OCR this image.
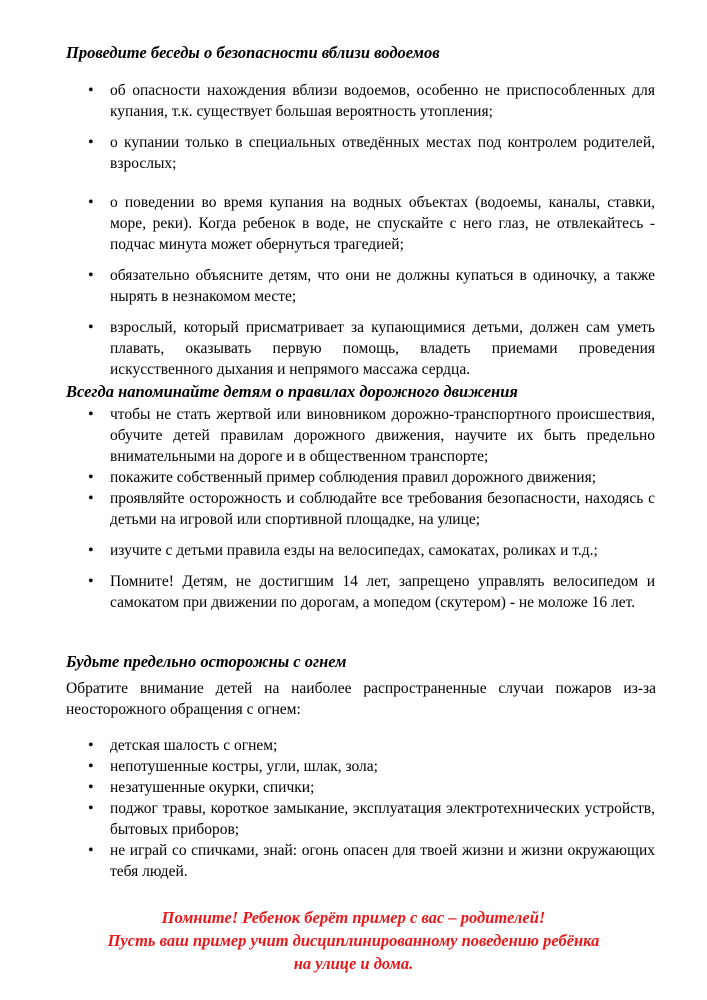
Проведите беседы о безопасности вблизи водоемов
• об опасности нахождения вблизи водоемов, особенно не приспособленных для купания, т.к. существует большая вероятность утопления;
• о купании только в специальных отведённых местах под контролем родителей, взрослых;
• о поведении во время купания на водных объектах (водоемы, каналы, ставки, море, реки). Когда ребенок в воде, не спускайте с него глаз, не отвлекайтесь - подчас минута может обернуться трагедией;
• обязательно объясните детям, что они не должны купаться в одиночку, а также нырять в незнакомом месте;
• взрослый, который присматривает за купающимися детьми, должен сам уметь плавать, оказывать первую помощь, владеть приемами проведения искусственного дыхания и непрямого массажа сердца.
Всегда напоминайте детям о правилах дорожного движения
• чтобы не стать жертвой или виновником дорожно-транспортного происшествия, обучите детей правилам дорожного движения, научите их быть предельно внимательными на дороге и в общественном транспорте;
• покажите собственный пример соблюдения правил дорожного движения;
• проявляйте осторожность и соблюдайте все требования безопасности, находясь с детьми на игровой или спортивной площадке, на улице;
• изучите с детьми правила езды на велосипедах, самокатах, роликах и т.д.;
• Помните! Детям, не достигшим 14 лет, запрещено управлять велосипедом и самокатом при движении по дорогам, а мопедом (скутером) - не моложе 16 лет.
Будьте предельно осторожны с огнем
Обратите внимание детей на наиболее распространенные случаи пожаров из-за неосторожного обращения с огнем:
• детская шалость с огнем;
• непотушенные костры, угли, шлак, зола;
• незатушенные окурки, спички;
• поджог травы, короткое замыкание, эксплуатация электротехнических устройств, бытовых приборов;
• не играй со спичками, знай: огонь опасен для твоей жизни и жизни окружающих тебя людей.
Помните! Ребенок берёт пример с вас – родителей!
Пусть ваш пример учит дисциплинированному поведению ребёнка
на улице и дома.
